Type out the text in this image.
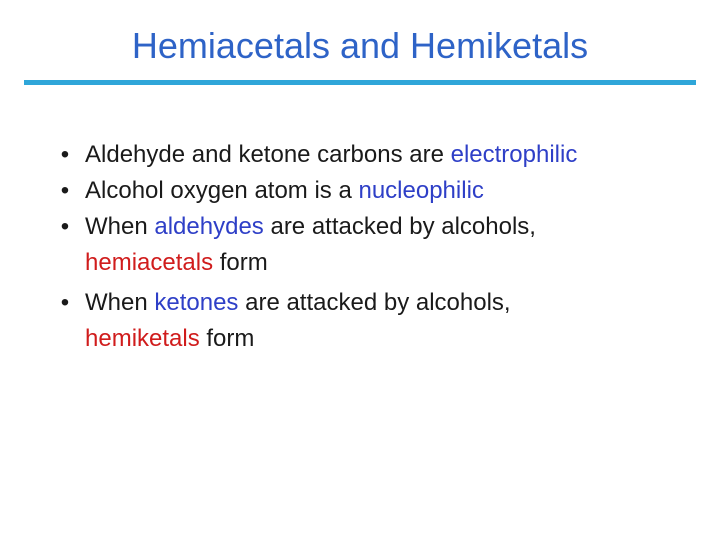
Hemiacetals and Hemiketals
• Aldehyde and ketone carbons are electrophilic
• Alcohol oxygen atom is a nucleophilic
• When aldehydes are attacked by alcohols,
hemiacetals form
• When ketones are attacked by alcohols,
hemiketals form
